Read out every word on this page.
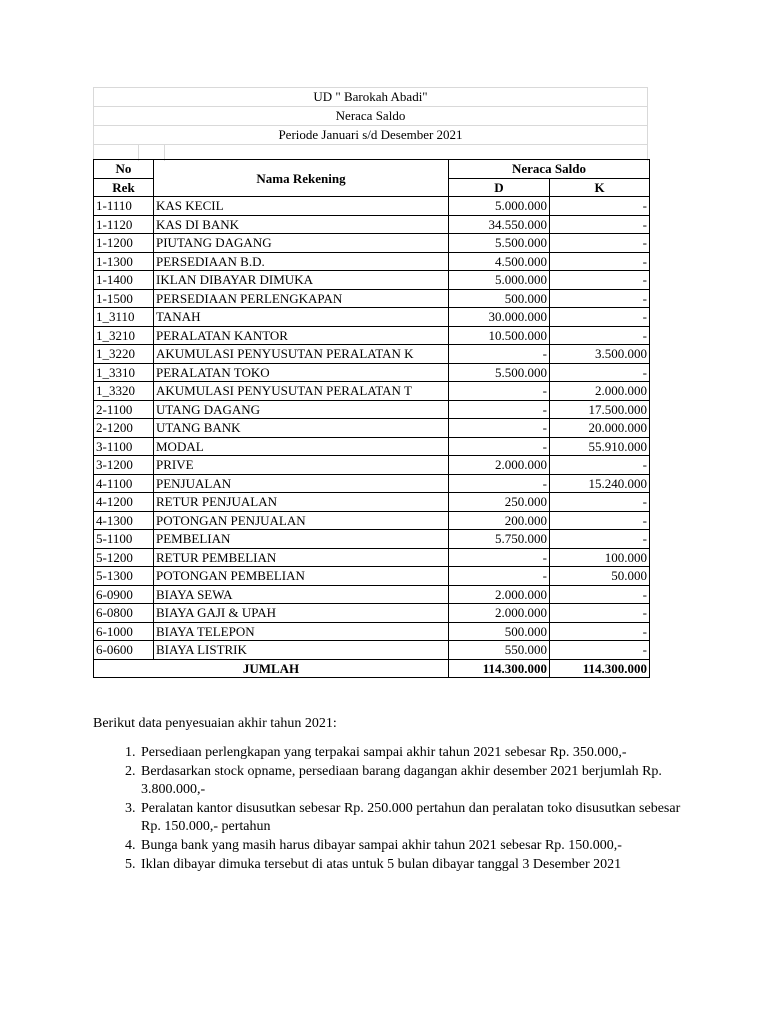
UD " Barokah Abadi"
Neraca Saldo
Periode Januari s/d Desember 2021
No	Nama Rekening	Neraca Saldo	
Rek		D	K
1-1110	KAS KECIL	5.000.000	-
1-1120	KAS DI BANK	34.550.000	-
1-1200	PIUTANG DAGANG	5.500.000	-
1-1300	PERSEDIAAN B.D.	4.500.000	-
1-1400	IKLAN DIBAYAR DIMUKA	5.000.000	-
1-1500	PERSEDIAAN PERLENGKAPAN	500.000	-
1_3110	TANAH	30.000.000	-
1_3210	PERALATAN KANTOR	10.500.000	-
1_3220	AKUMULASI PENYUSUTAN PERALATAN K	-	3.500.000
1_3310	PERALATAN TOKO	5.500.000	-
1_3320	AKUMULASI PENYUSUTAN PERALATAN T	-	2.000.000
2-1100	UTANG DAGANG	-	17.500.000
2-1200	UTANG BANK	-	20.000.000
3-1100	MODAL	-	55.910.000
3-1200	PRIVE	2.000.000	-
4-1100	PENJUALAN	-	15.240.000
4-1200	RETUR PENJUALAN	250.000	-
4-1300	POTONGAN PENJUALAN	200.000	-
5-1100	PEMBELIAN	5.750.000	-
5-1200	RETUR PEMBELIAN	-	100.000
5-1300	POTONGAN PEMBELIAN	-	50.000
6-0900	BIAYA SEWA	2.000.000	-
6-0800	BIAYA GAJI & UPAH	2.000.000	-
6-1000	BIAYA TELEPON	500.000	-
6-0600	BIAYA LISTRIK	550.000	-
JUMLAH		114.300.000	114.300.000
Berikut data penyesuaian akhir tahun 2021:
1. Persediaan perlengkapan yang terpakai sampai akhir tahun 2021 sebesar Rp. 350.000,-
2. Berdasarkan stock opname, persediaan barang dagangan akhir desember 2021 berjumlah Rp. 3.800.000,-
3. Peralatan kantor disusutkan sebesar Rp. 250.000 pertahun dan peralatan toko disusutkan sebesar Rp. 150.000,- pertahun
4. Bunga bank yang masih harus dibayar sampai akhir tahun 2021 sebesar Rp. 150.000,-
5. Iklan dibayar dimuka tersebut di atas untuk 5 bulan dibayar tanggal 3 Desember 2021
